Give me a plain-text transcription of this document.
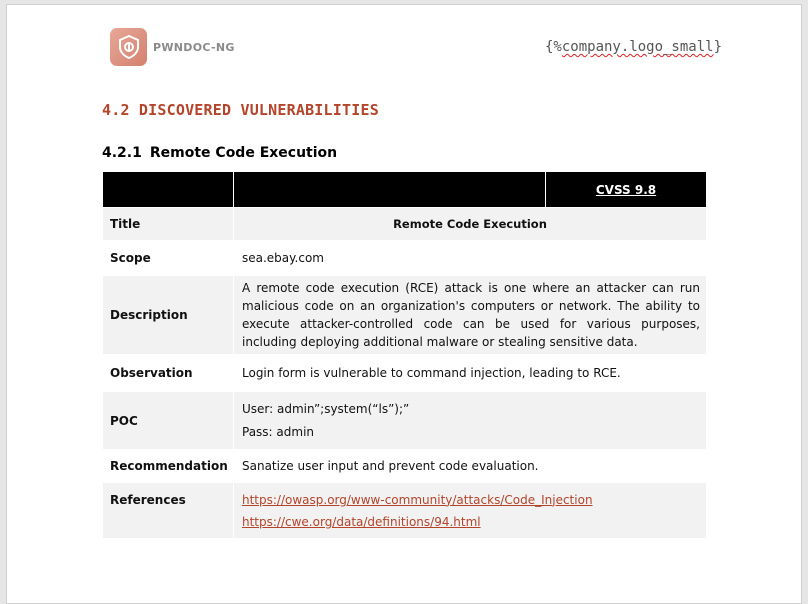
PWNDOC-NG	{%company.logo_small}
4.2 DISCOVERED VULNERABILITIES
4.2.1 Remote Code Execution
		CVSS 9.8
Title	Remote Code Execution	
Scope	sea.ebay.com	
Description	A remote code execution (RCE) attack is one where an attacker can run malicious code on an organization's computers or network. The ability to execute attacker-controlled code can be used for various purposes, including deploying additional malware or stealing sensitive data.	
Observation	Login form is vulnerable to command injection, leading to RCE.	
POC	User: admin”;system(“ls”);”
Pass: admin	

Recommendation	Sanatize user input and prevent code evaluation.	
References	https://owasp.org/www-community/attacks/Code_Injection
https://cwe.org/data/definitions/94.html	
